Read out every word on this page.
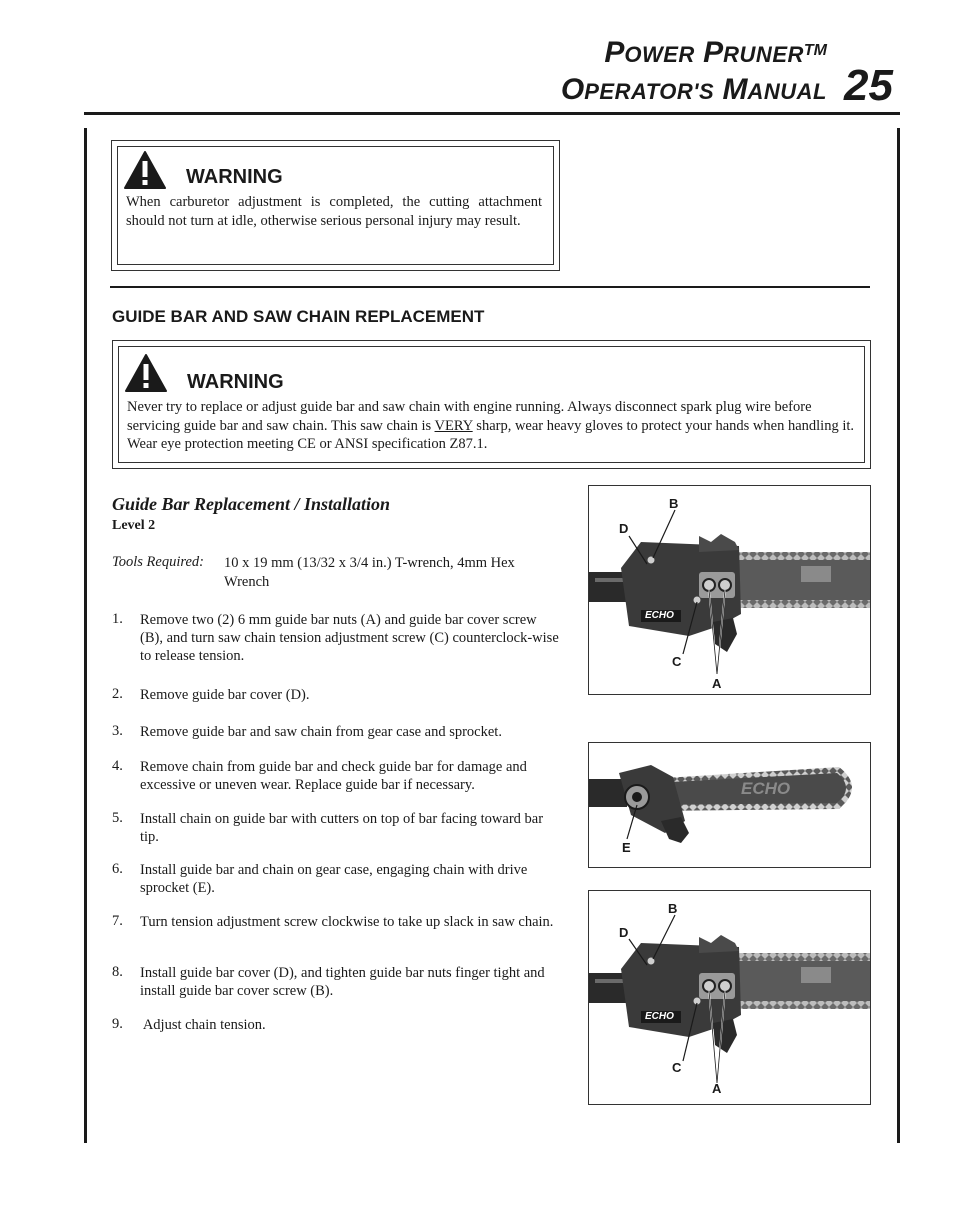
POWER PRUNER™
OPERATOR'S MANUAL 25
WARNING
When carburetor adjustment is completed, the cutting attachment should not turn at idle, otherwise serious personal injury may result.
GUIDE BAR AND SAW CHAIN REPLACEMENT
WARNING
Never try to replace or adjust guide bar and saw chain with engine running. Always disconnect spark plug wire before servicing guide bar and saw chain. This saw chain is VERY sharp, wear heavy gloves to protect your hands when handling it. Wear eye protection meeting CE or ANSI specification Z87.1.
Guide Bar Replacement / Installation
Level 2
Tools Required: 10 x 19 mm (13/32 x 3/4 in.) T-wrench, 4mm Hex Wrench
1. Remove two (2) 6 mm guide bar nuts (A) and guide bar cover screw (B), and turn saw chain tension adjustment screw (C) counterclock-wise to release tension.
2. Remove guide bar cover (D).
3. Remove guide bar and saw chain from gear case and sprocket.
4. Remove chain from guide bar and check guide bar for damage and excessive or uneven wear. Replace guide bar if necessary.
5. Install chain on guide bar with cutters on top of bar facing toward bar tip.
6. Install guide bar and chain on gear case, engaging chain with drive sprocket (E).
7. Turn tension adjustment screw clockwise to take up slack in saw chain.
8. Install guide bar cover (D), and tighten guide bar nuts finger tight and install guide bar cover screw (B).
9. Adjust chain tension.
ECHO
B
D
C
A
ECHO
E
ECHO
B
D
C
A
